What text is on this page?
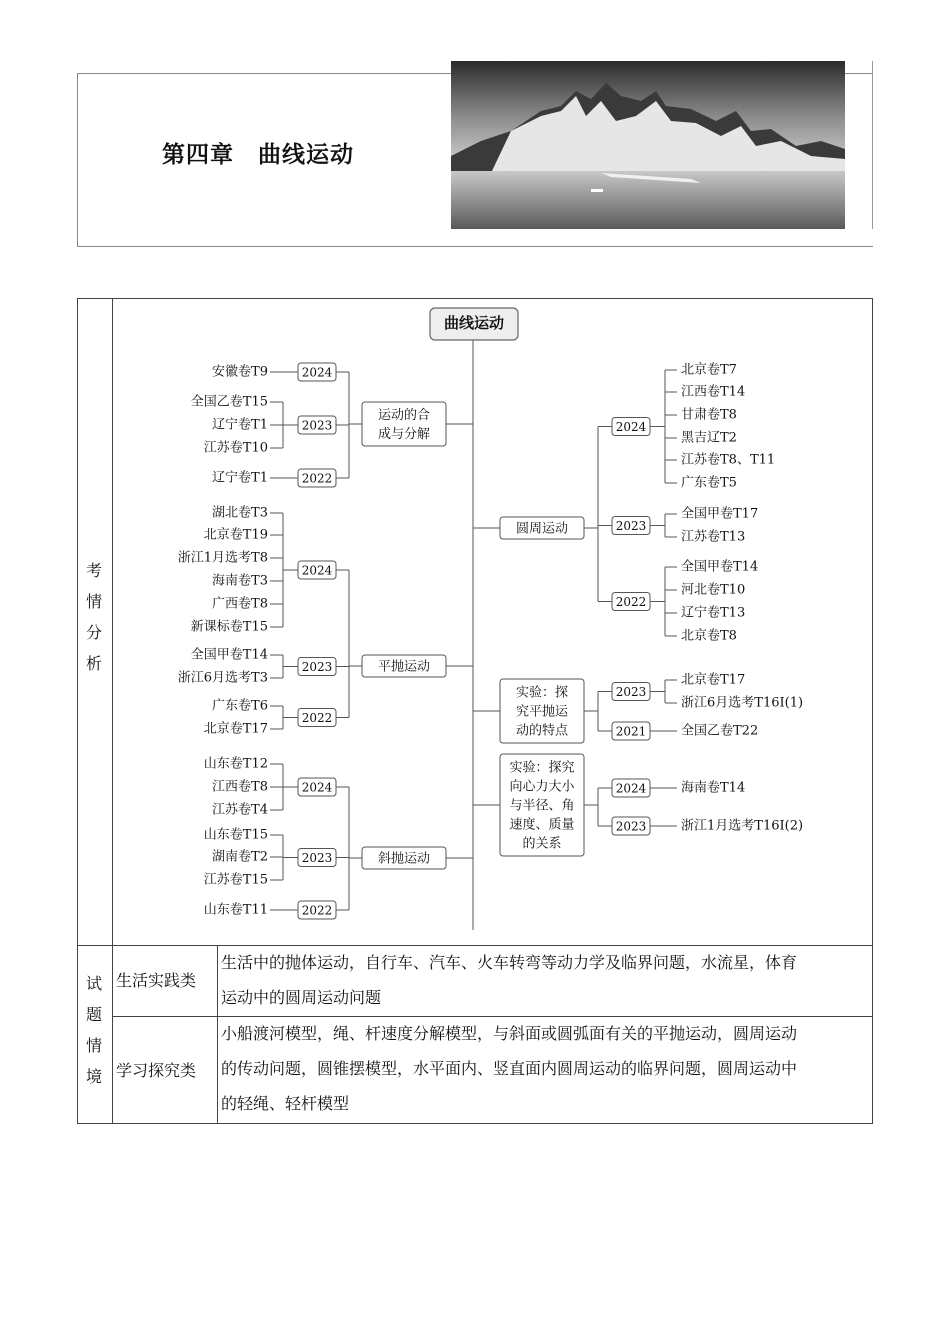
第四章　曲线运动
考
情
分
析
试
题
情
境
生活实践类
生活中的抛体运动，自行车、汽车、火车转弯等动力学及临界问题，水流星，体育
运动中的圆周运动问题
学习探究类
小船渡河模型，绳、杆速度分解模型，与斜面或圆弧面有关的平抛运动，圆周运动
的传动问题，圆锥摆模型，水平面内、竖直面内圆周运动的临界问题，圆周运动中
的轻绳、轻杆模型
曲线运动
安徽卷T9	2024
全国乙卷T15
辽宁卷T1
江苏卷T10
2023
辽宁卷T1	2022
运动的合
成与分解
湖北卷T3
北京卷T19
浙江1月选考T8
海南卷T3
广西卷T8
新课标卷T15
2024
全国甲卷T14
浙江6月选考T3
2023
广东卷T6
北京卷T17
2022
平抛运动
山东卷T12
江西卷T8
江苏卷T4
2024
山东卷T15
湖南卷T2
江苏卷T15
2023
山东卷T11	2022
斜抛运动
圆周运动
2024
北京卷T7
江西卷T14
甘肃卷T8
黑吉辽T2
江苏卷T8、T11
广东卷T5
2023
全国甲卷T17
江苏卷T13
2022
全国甲卷T14
河北卷T10
辽宁卷T13
北京卷T8
实验：探
究平抛运
动的特点
2023
北京卷T17
浙江6月选考T16Ⅰ(1)
2021	全国乙卷T22
实验：探究
向心力大小
与半径、角
速度、质量
的关系
2024	海南卷T14
2023	浙江1月选考T16Ⅰ(2)
